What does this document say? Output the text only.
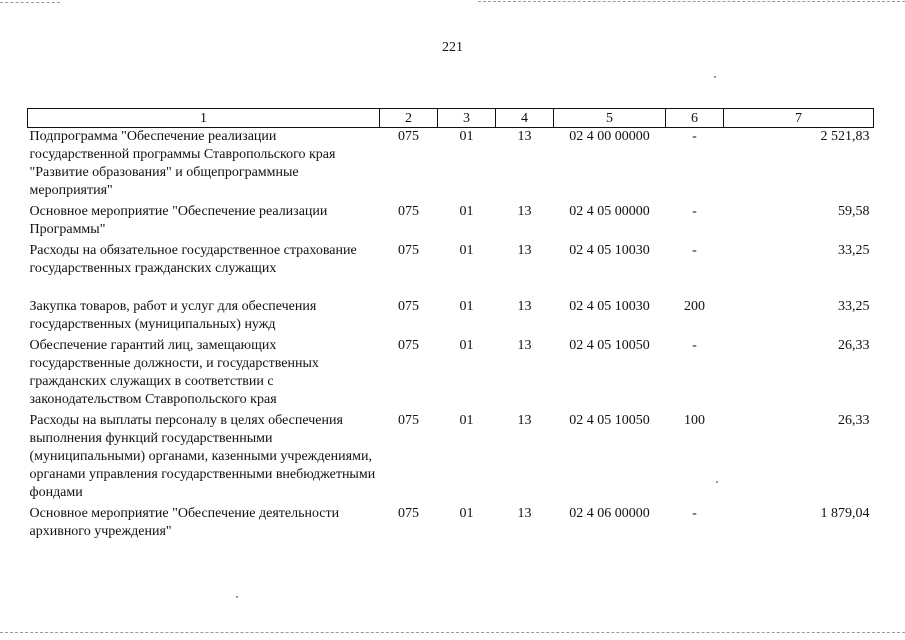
221
1	2	3	4	5	6	7
Подпрограмма "Обеспечение реализации государственной программы Ставропольского края "Развитие образования" и общепрограммные мероприятия"	075	01	13	02 4 00 00000	-	2 521,83
Основное мероприятие "Обеспечение реализации Программы"	075	01	13	02 4 05 00000	-	59,58
Расходы на обязательное государственное страхование государственных гражданских служащих	075	01	13	02 4 05 10030	-	33,25
Закупка товаров, работ и услуг для обеспечения государственных (муниципальных) нужд	075	01	13	02 4 05 10030	200	33,25
Обеспечение гарантий лиц, замещающих государственные должности, и государственных гражданских служащих в соответствии с законодательством Ставропольского края	075	01	13	02 4 05 10050	-	26,33
Расходы на выплаты персоналу в целях обеспечения выполнения функций государственными (муниципальными) органами, казенными учреждениями, органами управления государственными внебюджетными фондами	075	01	13	02 4 05 10050	100	26,33
Основное мероприятие "Обеспечение деятельности архивного учреждения"	075	01	13	02 4 06 00000	-	1 879,04
